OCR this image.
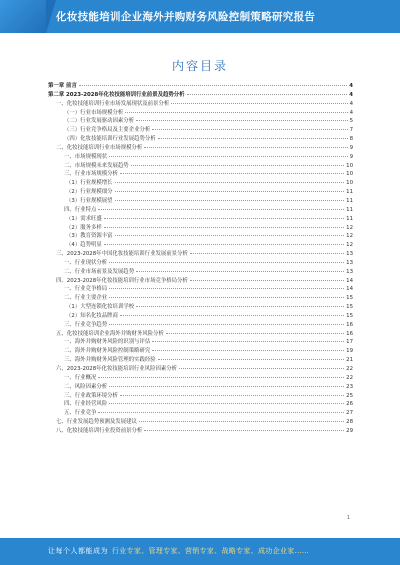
化妆技能培训企业海外并购财务风险控制策略研究报告
内容目录
第一章 前言	4
第二章 2023-2028年化妆技能培训行业前景及趋势分析	4
一、化妆技能培训行业市场发展现状及前景分析	4
（一）行业市场规模分析	4
（二）行业发展驱动因素分析	5
（三）行业竞争格局及主要企业分析	7
（四）化妆技能培训行业发展趋势分析	8
二、化妆技能培训行业市场规模分析	9
一、市场规模现状	9
二、市场规模未来发展趋势	10
三、行业市场规模分析	10
（1）行业规模增长	10
（2）行业规模细分	11
（3）行业规模展望	11
四、行业特点	11
（1）需求旺盛	11
（2）服务多样	12
（3）教育资源丰富	12
（4）趋势明显	12
三、2023-2028年中国化妆技能培训行业发展前景分析	13
一、行业现状分析	13
二、行业市场前景及发展趋势	13
四、2023-2028年化妆技能培训行业市场竞争格局分析	14
一、行业竞争格局	14
二、行业主要企业	15
（1）大型连锁化妆培训学校	15
（2）知名化妆品牌商	15
三、行业竞争趋势	16
五、化妆技能培训企业海外并购财务风险分析	16
一、海外并购财务风险的识别与评估	17
二、海外并购财务风险控制策略研究	19
三、海外并购财务风险管理的实践经验	21
六、2023-2028年化妆技能培训行业风险因素分析	22
一、行业概况	22
二、风险因素分析	23
三、行业政策环境分析	25
四、行业经营风险	26
五、行业竞争	27
七、行业发展趋势预测及发展建议	28
八、化妆技能培训行业投资前景分析	29
1
让每个人都能成为 行业专家、管理专家、营销专家、战略专家、成功企业家……
